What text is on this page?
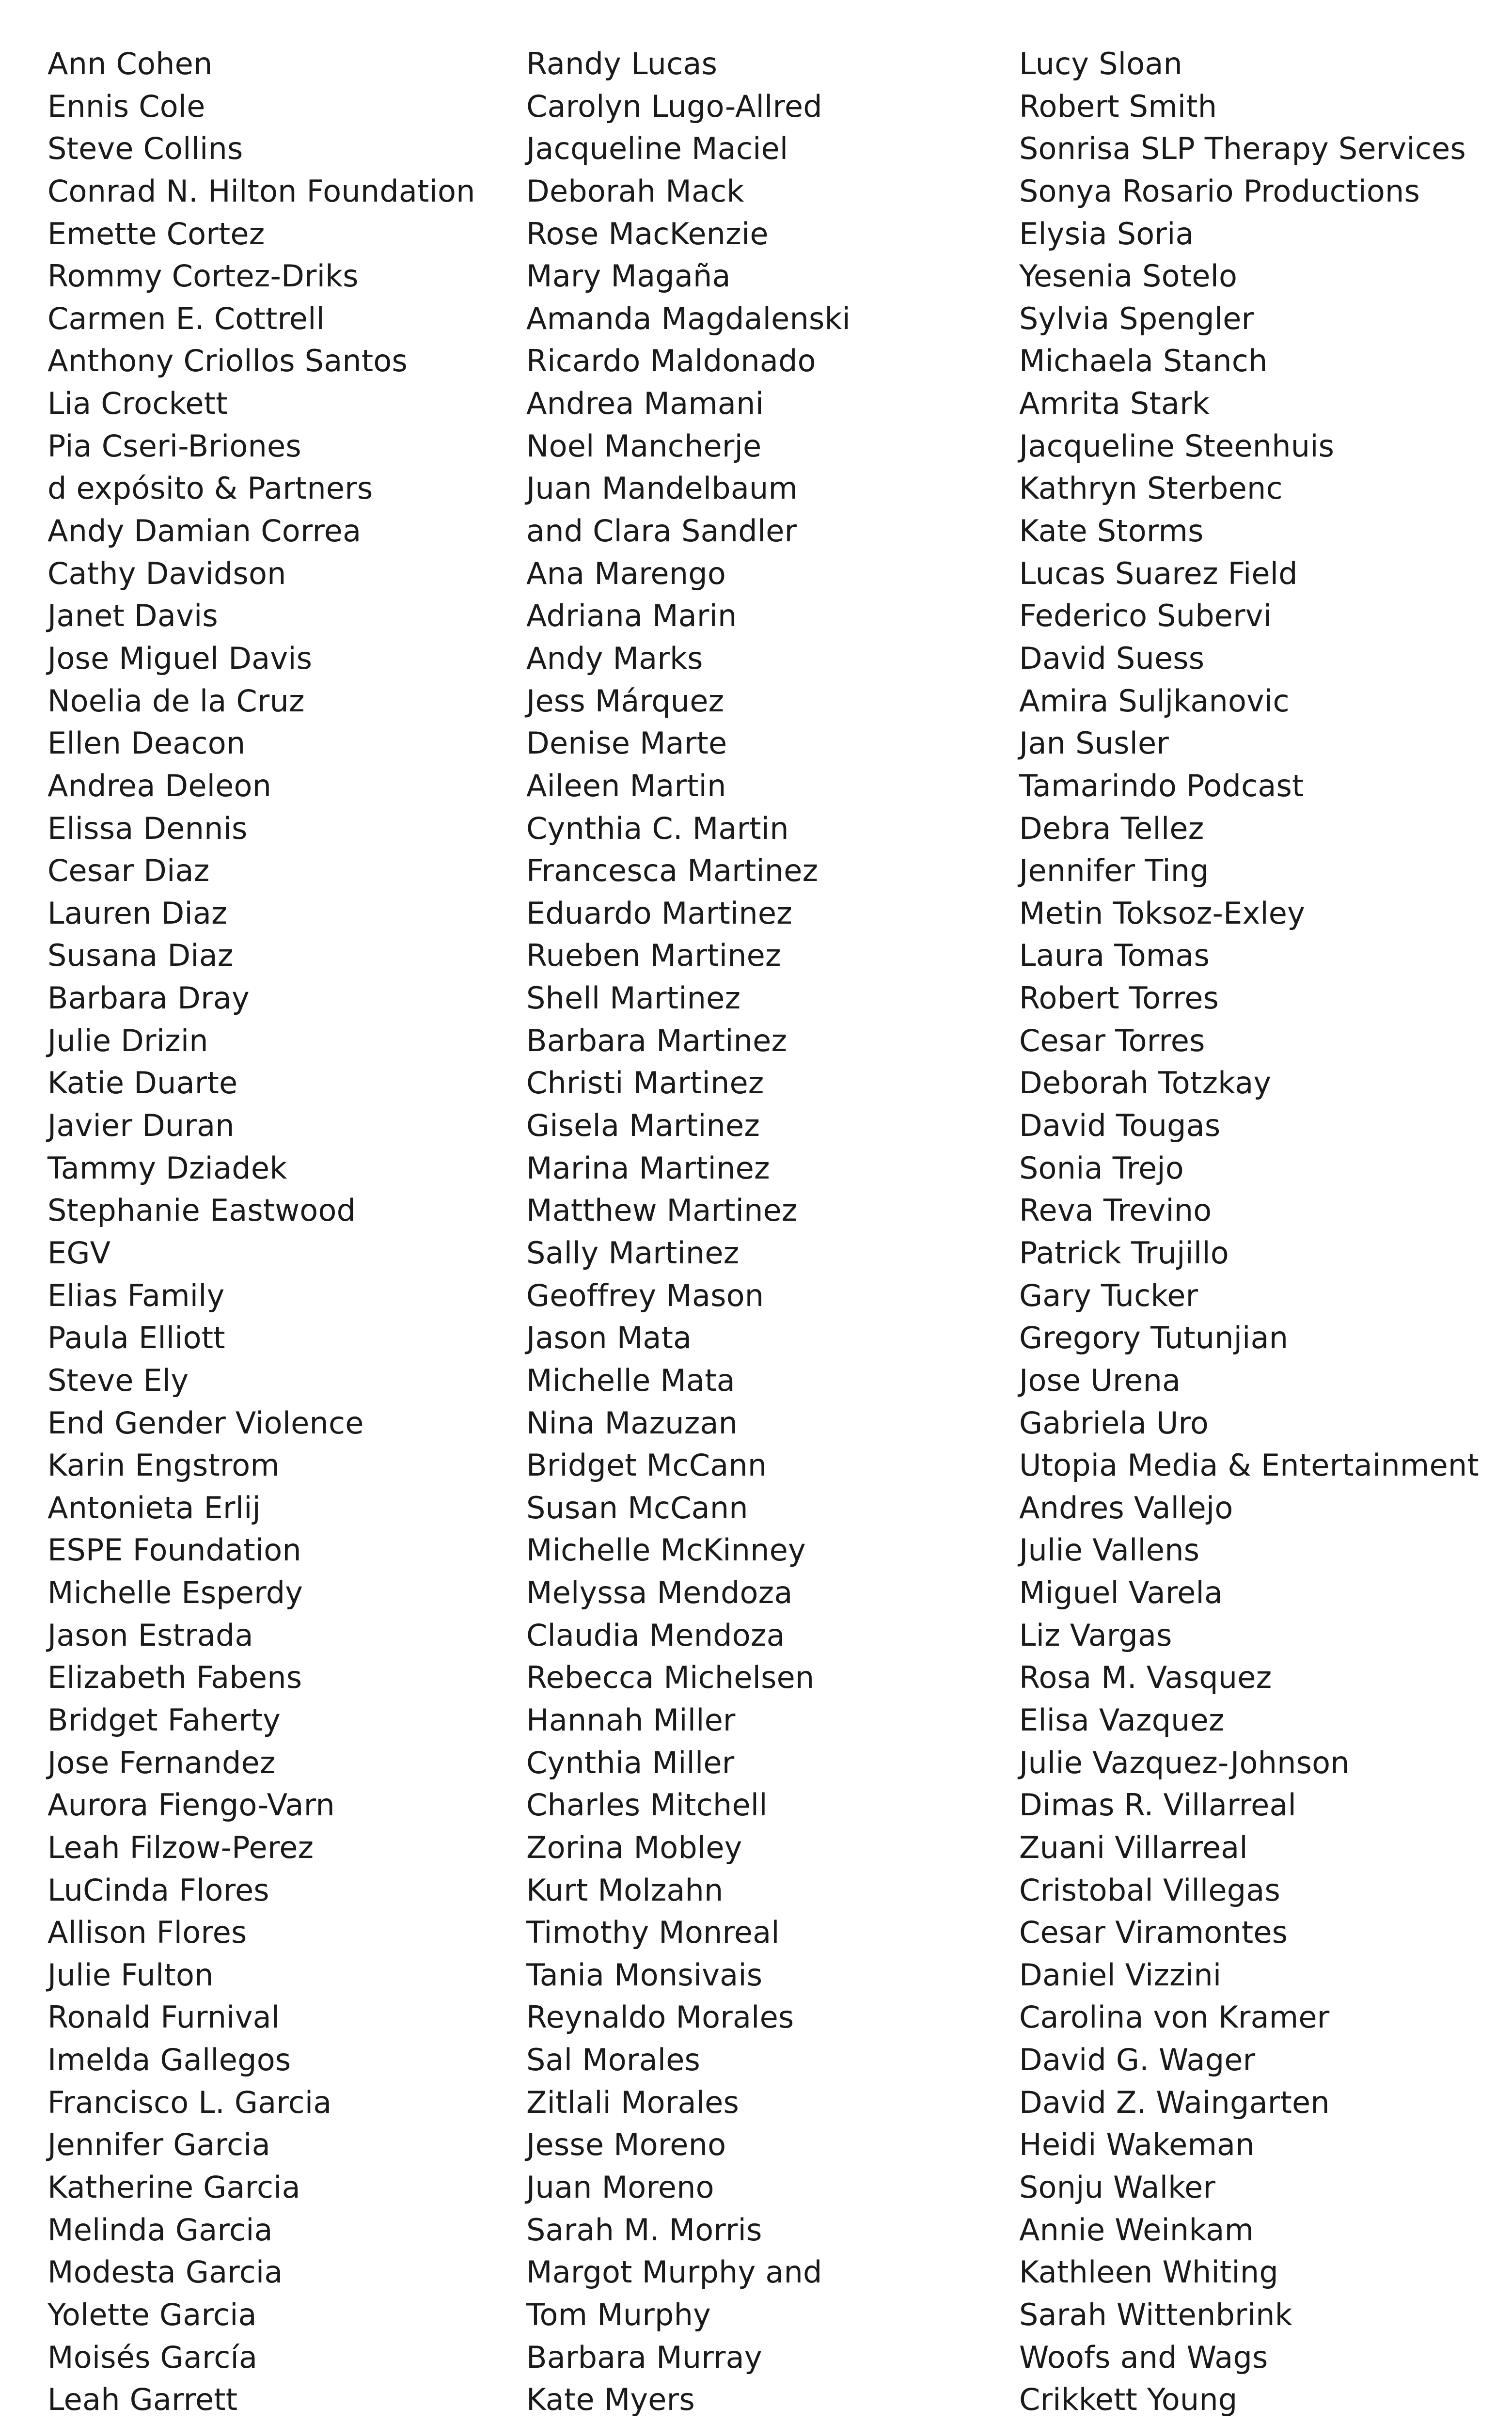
Ann Cohen
Ennis Cole
Steve Collins
Conrad N. Hilton Foundation
Emette Cortez
Rommy Cortez-Driks
Carmen E. Cottrell
Anthony Criollos Santos
Lia Crockett
Pia Cseri-Briones
d expósito & Partners
Andy Damian Correa
Cathy Davidson
Janet Davis
Jose Miguel Davis
Noelia de la Cruz
Ellen Deacon
Andrea Deleon
Elissa Dennis
Cesar Diaz
Lauren Diaz
Susana Diaz
Barbara Dray
Julie Drizin
Katie Duarte
Javier Duran
Tammy Dziadek
Stephanie Eastwood
EGV
Elias Family
Paula Elliott
Steve Ely
End Gender Violence
Karin Engstrom
Antonieta Erlij
ESPE Foundation
Michelle Esperdy
Jason Estrada
Elizabeth Fabens
Bridget Faherty
Jose Fernandez
Aurora Fiengo-Varn
Leah Filzow-Perez
LuCinda Flores
Allison Flores
Julie Fulton
Ronald Furnival
Imelda Gallegos
Francisco L. Garcia
Jennifer Garcia
Katherine Garcia
Melinda Garcia
Modesta Garcia
Yolette Garcia
Moisés García
Leah Garrett
Randy Lucas
Carolyn Lugo-Allred
Jacqueline Maciel
Deborah Mack
Rose MacKenzie
Mary Magaña
Amanda Magdalenski
Ricardo Maldonado
Andrea Mamani
Noel Mancherje
Juan Mandelbaum
and Clara Sandler
Ana Marengo
Adriana Marin
Andy Marks
Jess Márquez
Denise Marte
Aileen Martin
Cynthia C. Martin
Francesca Martinez
Eduardo Martinez
Rueben Martinez
Shell Martinez
Barbara Martinez
Christi Martinez
Gisela Martinez
Marina Martinez
Matthew Martinez
Sally Martinez
Geoffrey Mason
Jason Mata
Michelle Mata
Nina Mazuzan
Bridget McCann
Susan McCann
Michelle McKinney
Melyssa Mendoza
Claudia Mendoza
Rebecca Michelsen
Hannah Miller
Cynthia Miller
Charles Mitchell
Zorina Mobley
Kurt Molzahn
Timothy Monreal
Tania Monsivais
Reynaldo Morales
Sal Morales
Zitlali Morales
Jesse Moreno
Juan Moreno
Sarah M. Morris
Margot Murphy and
Tom Murphy
Barbara Murray
Kate Myers
Lucy Sloan
Robert Smith
Sonrisa SLP Therapy Services
Sonya Rosario Productions
Elysia Soria
Yesenia Sotelo
Sylvia Spengler
Michaela Stanch
Amrita Stark
Jacqueline Steenhuis
Kathryn Sterbenc
Kate Storms
Lucas Suarez Field
Federico Subervi
David Suess
Amira Suljkanovic
Jan Susler
Tamarindo Podcast
Debra Tellez
Jennifer Ting
Metin Toksoz-Exley
Laura Tomas
Robert Torres
Cesar Torres
Deborah Totzkay
David Tougas
Sonia Trejo
Reva Trevino
Patrick Trujillo
Gary Tucker
Gregory Tutunjian
Jose Urena
Gabriela Uro
Utopia Media & Entertainment
Andres Vallejo
Julie Vallens
Miguel Varela
Liz Vargas
Rosa M. Vasquez
Elisa Vazquez
Julie Vazquez-Johnson
Dimas R. Villarreal
Zuani Villarreal
Cristobal Villegas
Cesar Viramontes
Daniel Vizzini
Carolina von Kramer
David G. Wager
David Z. Waingarten
Heidi Wakeman
Sonju Walker
Annie Weinkam
Kathleen Whiting
Sarah Wittenbrink
Woofs and Wags
Crikkett Young
